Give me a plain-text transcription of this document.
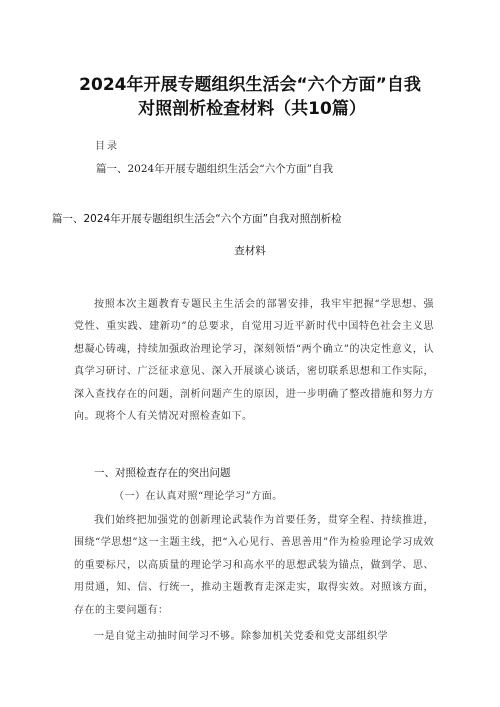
2024年开展专题组织生活会“六个方面”自我
对照剖析检查材料（共10篇）
目录
篇一、2024年开展专题组织生活会“六个方面”自我
篇一、2024年开展专题组织生活会“六个方面”自我对照剖析检
查材料
按照本次主题教育专题民主生活会的部署安排，我牢牢把握“学思想、强党性、重实践、建新功”的总要求，自觉用习近平新时代中国特色社会主义思想凝心铸魂，持续加强政治理论学习，深刻领悟“两个确立”的决定性意义，认真学习研讨、广泛征求意见、深入开展谈心谈话，密切联系思想和工作实际，深入查找存在的问题，剖析问题产生的原因，进一步明确了整改措施和努力方向。现将个人有关情况对照检查如下。
一、对照检查存在的突出问题
（一）在认真对照“理论学习”方面。
我们始终把加强党的创新理论武装作为首要任务，贯穿全程、持续推进，围绕“学思想”这一主题主线，把“入心见行、善思善用”作为检验理论学习成效的重要标尺，以高质量的理论学习和高水平的思想武装为锚点，做到学、思、用贯通，知、信、行统一，推动主题教育走深走实，取得实效。对照该方面，存在的主要问题有：
一是自觉主动抽时间学习不够。除参加机关党委和党支部组织学
